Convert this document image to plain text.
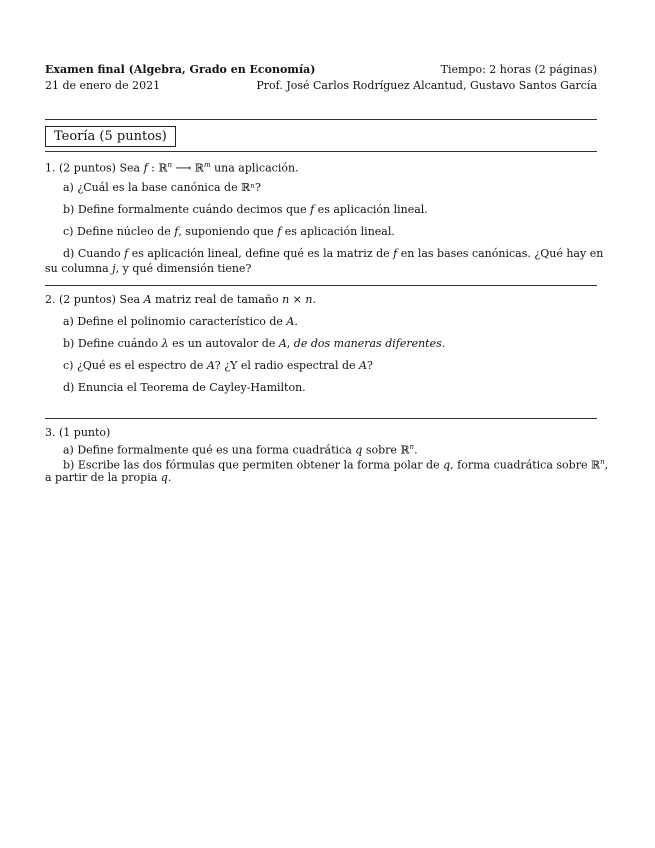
Examen final (Algebra, Grado en Economía)	Tiempo: 2 horas (2 páginas)
21 de enero de 2021	Prof. José Carlos Rodríguez Alcantud, Gustavo Santos García
Teoría (5 puntos)
1. (2 puntos) Sea f : ℝ$^n$ ⟶ ℝ$^m$ una aplicación.
a) ¿Cuál es la base canónica de ℝⁿ?
b) Define formalmente cuándo decimos que f es aplicación lineal.
c) Define núcleo de f, suponiendo que f es aplicación lineal.
d) Cuando f es aplicación lineal, define qué es la matriz de f en las bases canónicas. ¿Qué hay en
su columna j, y qué dimensión tiene?
2. (2 puntos) Sea A matriz real de tamaño n × n.
a) Define el polinomio característico de A.
b) Define cuándo λ es un autovalor de A, de dos maneras diferentes.
c) ¿Qué es el espectro de A? ¿Y el radio espectral de A?
d) Enuncia el Teorema de Cayley-Hamilton.
3. (1 punto)
a) Define formalmente qué es una forma cuadrática q sobre ℝ$^n$.
b) Escribe las dos fórmulas que permiten obtener la forma polar de q, forma cuadrática sobre ℝ$^n$,
a partir de la propia q.
